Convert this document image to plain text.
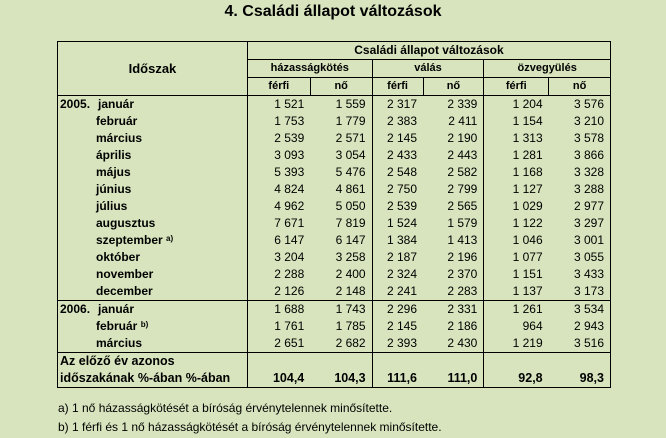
4. Családi állapot változások
Időszak	Családi állapot változások					
	házasságkötés		válás		özvegyülés	
	férfi	nő	férfi	nő	férfi	nő
2005. január	1 521	1 559	2 317	2 339	1 204	3 576
február	1 753	1 779	2 383	2 411	1 154	3 210
március	2 539	2 571	2 145	2 190	1 313	3 578
április	3 093	3 054	2 433	2 443	1 281	3 866
május	5 393	5 476	2 548	2 582	1 168	3 328
június	4 824	4 861	2 750	2 799	1 127	3 288
július	4 962	5 050	2 539	2 565	1 029	2 977
augusztus	7 671	7 819	1 524	1 579	1 122	3 297
szeptember $^{a)}$	6 147	6 147	1 384	1 413	1 046	3 001
október	3 204	3 258	2 187	2 196	1 077	3 055
november	2 288	2 400	2 324	2 370	1 151	3 433
december	2 126	2 148	2 241	2 283	1 137	3 173
2006. január	1 688	1 743	2 296	2 331	1 261	3 534
február $^{b)}$	1 761	1 785	2 145	2 186	964	2 943
március	2 651	2 682	2 393	2 430	1 219	3 516
Az előző év azonos						
időszakának %-ában %-ában	104,4	104,3	111,6	111,0	92,8	98,3
a) 1 nő házasságkötését a bíróság érvénytelennek minősítette.
b) 1 férfi és 1 nő házasságkötését a bíróság érvénytelennek minősítette.
